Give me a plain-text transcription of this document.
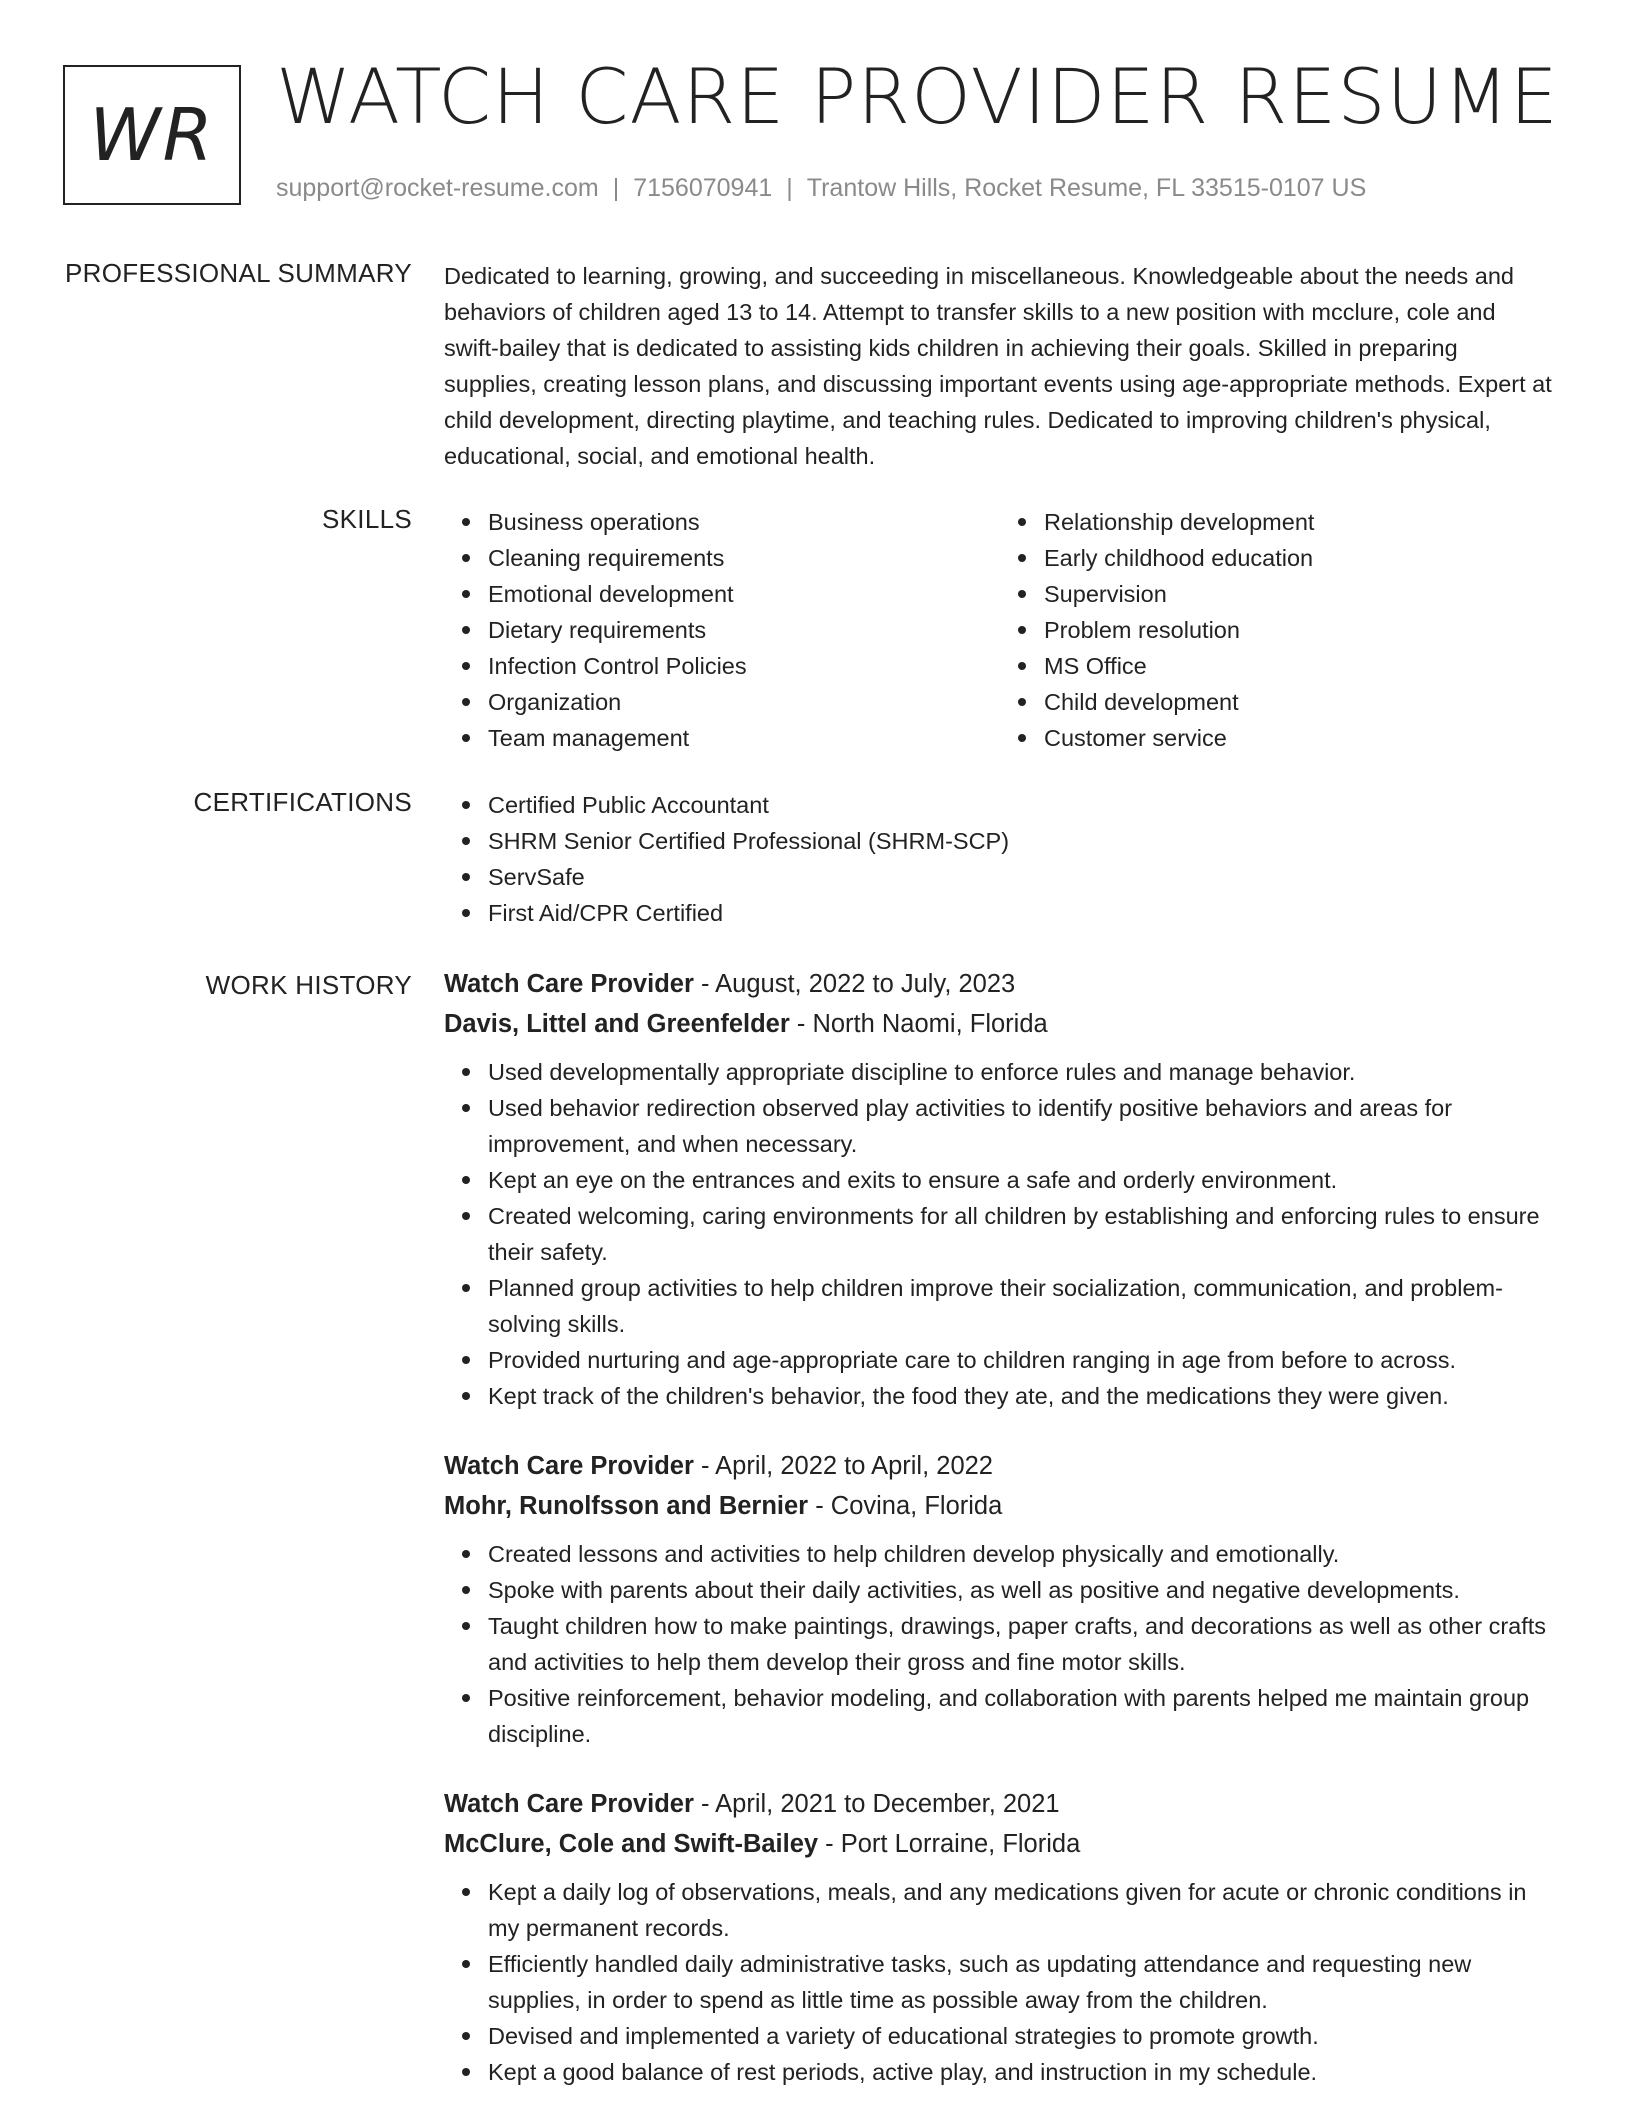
WR WATCH CARE PROVIDER RESUME
support@rocket-resume.com | 7156070941 | Trantow Hills, Rocket Resume, FL 33515-0107 US
PROFESSIONAL SUMMARY Dedicated to learning, growing, and succeeding in miscellaneous. Knowledgeable about the needs and behaviors of children aged 13 to 14. Attempt to transfer skills to a new position with mcclure, cole and swift-bailey that is dedicated to assisting kids children in achieving their goals. Skilled in preparing supplies, creating lesson plans, and discussing important events using age-appropriate methods. Expert at child development, directing playtime, and teaching rules. Dedicated to improving children's physical, educational, social, and emotional health.

SKILLS	Business operations
Cleaning requirements
Emotional development
Dietary requirements
Infection Control Policies
Organization
Team management
Relationship development
Early childhood education
Supervision
Problem resolution
MS Office
Child development
Customer service
CERTIFICATIONS	Certified Public Accountant
SHRM Senior Certified Professional (SHRM-SCP)
ServSafe
First Aid/CPR Certified
WORK HISTORY Watch Care Provider - August, 2022 to July, 2023
Davis, Littel and Greenfelder - North Naomi, Florida
Used developmentally appropriate discipline to enforce rules and manage behavior.
Used behavior redirection observed play activities to identify positive behaviors and areas for improvement, and when necessary.
Kept an eye on the entrances and exits to ensure a safe and orderly environment.
Created welcoming, caring environments for all children by establishing and enforcing rules to ensure their safety.
Planned group activities to help children improve their socialization, communication, and problem-solving skills.
Provided nurturing and age-appropriate care to children ranging in age from before to across.
Kept track of the children's behavior, the food they ate, and the medications they were given.
Watch Care Provider - April, 2022 to April, 2022
Mohr, Runolfsson and Bernier - Covina, Florida
Created lessons and activities to help children develop physically and emotionally.
Spoke with parents about their daily activities, as well as positive and negative developments.
Taught children how to make paintings, drawings, paper crafts, and decorations as well as other crafts and activities to help them develop their gross and fine motor skills.
Positive reinforcement, behavior modeling, and collaboration with parents helped me maintain group discipline.
Watch Care Provider - April, 2021 to December, 2021
McClure, Cole and Swift-Bailey - Port Lorraine, Florida
Kept a daily log of observations, meals, and any medications given for acute or chronic conditions in my permanent records.
Efficiently handled daily administrative tasks, such as updating attendance and requesting new supplies, in order to spend as little time as possible away from the children.
Devised and implemented a variety of educational strategies to promote growth.
Kept a good balance of rest periods, active play, and instruction in my schedule.
